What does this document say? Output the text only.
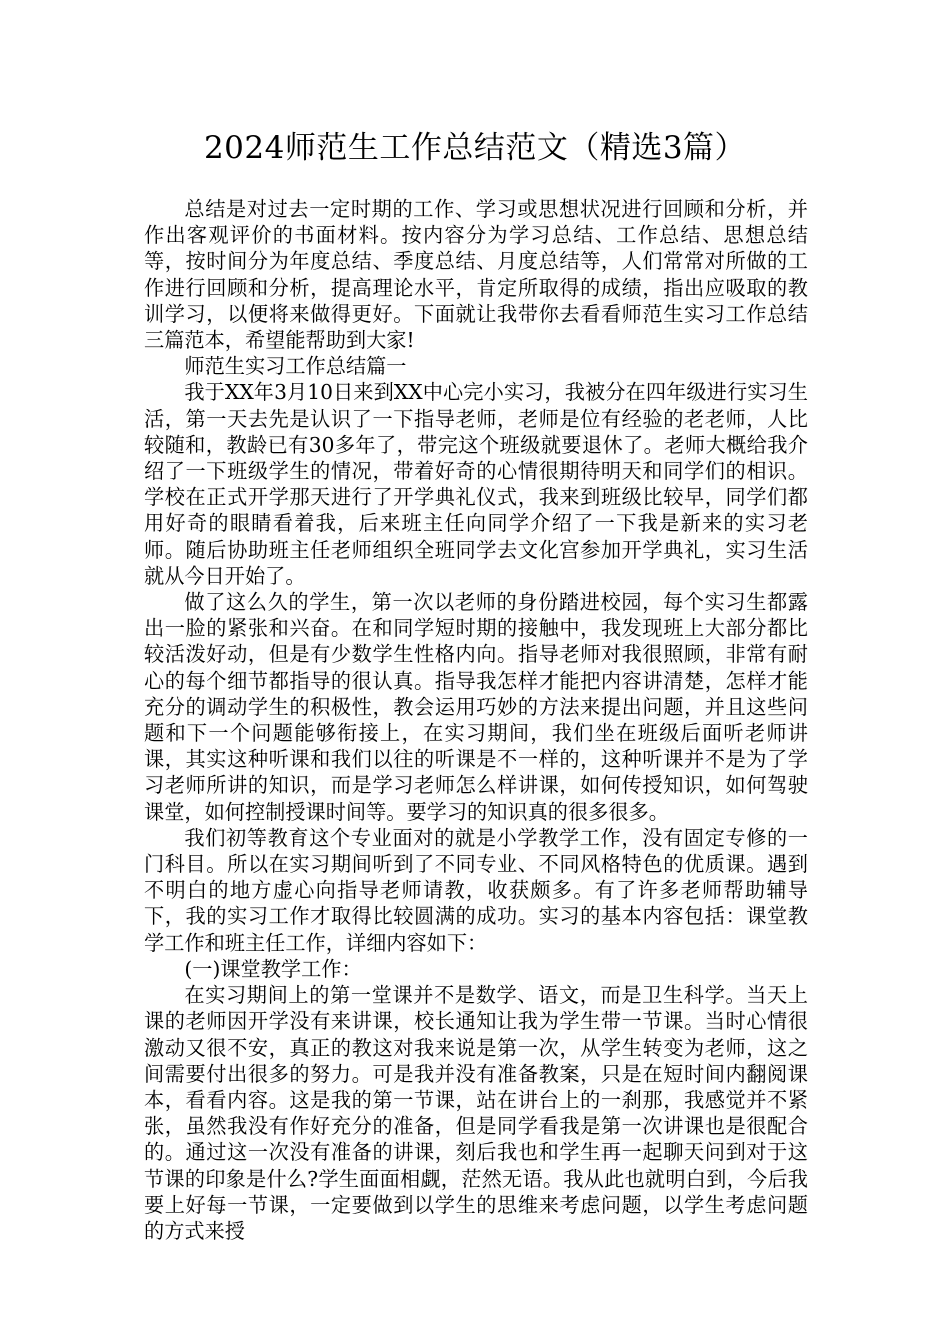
2024师范生工作总结范文（精选3篇）

总结是对过去一定时期的工作、学习或思想状况进行回顾和分析，并作出客观评价的书面材料。按内容分为学习总结、工作总结、思想总结等，按时间分为年度总结、季度总结、月度总结等，人们常常对所做的工作进行回顾和分析，提高理论水平，肯定所取得的成绩，指出应吸取的教训学习，以便将来做得更好。下面就让我带你去看看师范生实习工作总结三篇范本，希望能帮助到大家!

师范生实习工作总结篇一

我于XX年3月10日来到XX中心完小实习，我被分在四年级进行实习生活，第一天去先是认识了一下指导老师，老师是位有经验的老老师，人比较随和，教龄已有30多年了，带完这个班级就要退休了。老师大概给我介绍了一下班级学生的情况，带着好奇的心情很期待明天和同学们的相识。学校在正式开学那天进行了开学典礼仪式，我来到班级比较早，同学们都用好奇的眼睛看着我，后来班主任向同学介绍了一下我是新来的实习老师。随后协助班主任老师组织全班同学去文化宫参加开学典礼，实习生活就从今日开始了。

做了这么久的学生，第一次以老师的身份踏进校园，每个实习生都露出一脸的紧张和兴奋。在和同学短时期的接触中，我发现班上大部分都比较活泼好动，但是有少数学生性格内向。指导老师对我很照顾，非常有耐心的每个细节都指导的很认真。指导我怎样才能把内容讲清楚，怎样才能充分的调动学生的积极性，教会运用巧妙的方法来提出问题，并且这些问题和下一个问题能够衔接上，在实习期间，我们坐在班级后面听老师讲课，其实这种听课和我们以往的听课是不一样的，这种听课并不是为了学习老师所讲的知识，而是学习老师怎么样讲课，如何传授知识，如何驾驶课堂，如何控制授课时间等。要学习的知识真的很多很多。

我们初等教育这个专业面对的就是小学教学工作，没有固定专修的一门科目。所以在实习期间听到了不同专业、不同风格特色的优质课。遇到不明白的地方虚心向指导老师请教，收获颇多。有了许多老师帮助辅导下，我的实习工作才取得比较圆满的成功。实习的基本内容包括：课堂教学工作和班主任工作，详细内容如下：

(一)课堂教学工作：

在实习期间上的第一堂课并不是数学、语文，而是卫生科学。当天上课的老师因开学没有来讲课，校长通知让我为学生带一节课。当时心情很激动又很不安，真正的教这对我来说是第一次，从学生转变为老师，这之间需要付出很多的努力。可是我并没有准备教案，只是在短时间内翻阅课本，看看内容。这是我的第一节课，站在讲台上的一刹那，我感觉并不紧张，虽然我没有作好充分的准备，但是同学看我是第一次讲课也是很配合的。通过这一次没有准备的讲课，刻后我也和学生再一起聊天问到对于这节课的印象是什么?学生面面相觑，茫然无语。我从此也就明白到，今后我要上好每一节课，一定要做到以学生的思维来考虑问题，以学生考虑问题的方式来授
